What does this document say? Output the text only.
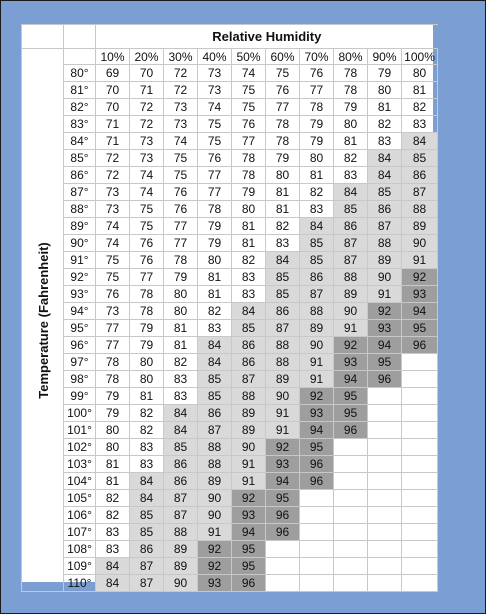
		Relative Humidity									

Temperature (Fahrenheit)		10%	20%	30%	40%	50%	60%	70%	80%	90%	100%
	80°	69	70	72	73	74	75	76	78	79	80
	81°	70	71	72	73	75	76	77	78	80	81
	82°	70	72	73	74	75	77	78	79	81	82
	83°	71	72	73	75	76	78	79	80	82	83
	84°	71	73	74	75	77	78	79	81	83	84
	85°	72	73	75	76	78	79	80	82	84	85
	86°	72	74	75	77	78	80	81	83	84	86
	87°	73	74	76	77	79	81	82	84	85	87
	88°	73	75	76	78	80	81	83	85	86	88
	89°	74	75	77	79	81	82	84	86	87	89
	90°	74	76	77	79	81	83	85	87	88	90
	91°	75	76	78	80	82	84	85	87	89	91
	92°	75	77	79	81	83	85	86	88	90	92
	93°	76	78	80	81	83	85	87	89	91	93
	94°	73	78	80	82	84	86	88	90	92	94
	95°	77	79	81	83	85	87	89	91	93	95
	96°	77	79	81	84	86	88	90	92	94	96
	97°	78	80	82	84	86	88	91	93	95	
	98°	78	80	83	85	87	89	91	94	96	
	99°	79	81	83	85	88	90	92	95		
	100°	79	82	84	86	89	91	93	95		
	101°	80	82	84	87	89	91	94	96		
	102°	80	83	85	88	90	92	95			
	103°	81	83	86	88	91	93	96			
	104°	81	84	86	89	91	94	96			
	105°	82	84	87	90	92	95				
	106°	82	85	87	90	93	96				
	107°	83	85	88	91	94	96				
	108°	83	86	89	92	95					
	109°	84	87	89	92	95					
	110°	84	87	90	93	96					
